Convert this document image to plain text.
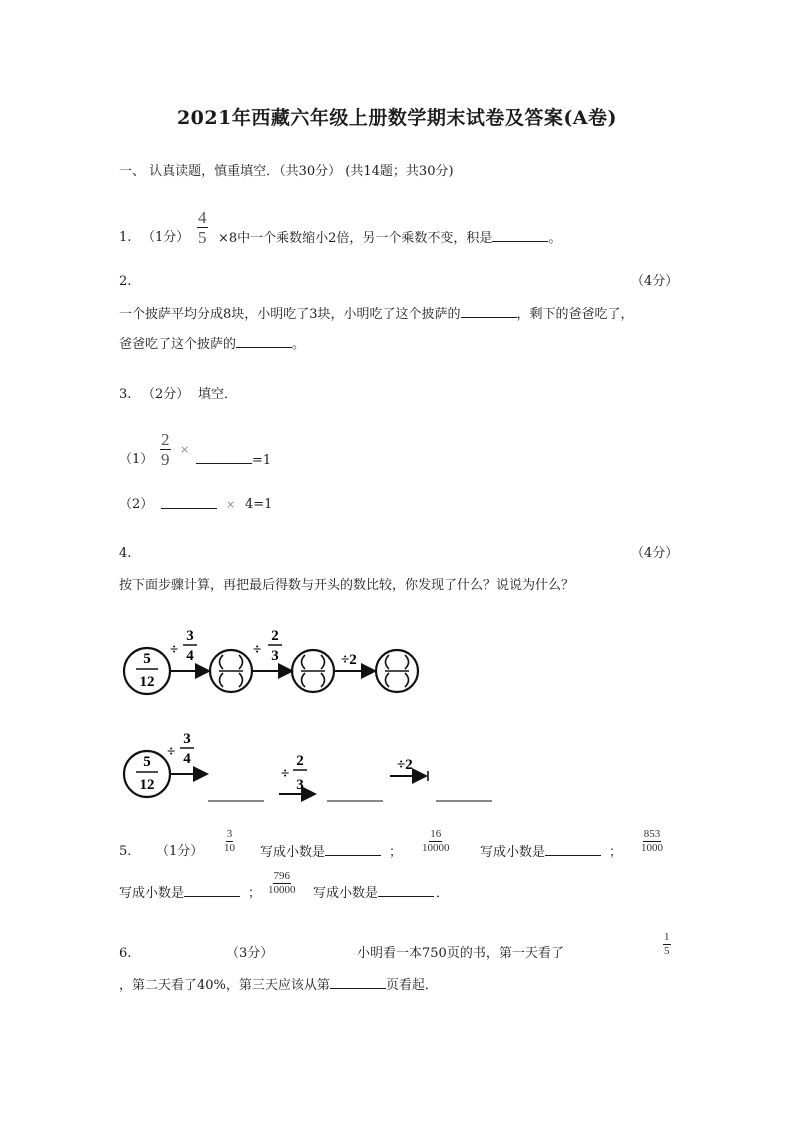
2021年西藏六年级上册数学期末试卷及答案(A卷)
一、 认真读题，慎重填空．（共30分） (共14题；共30分)
1. （1分） $\frac{4}{5} \times 8$中一个乘数缩小2倍，另一个乘数不变，积是	。
2.	（4分）
一个披萨平均分成8块，小明吃了3块，小明吃了这个披萨的	，剩下的爸爸吃了，
爸爸吃了这个披萨的	。
3. （2分） 填空．
$(1) \frac{2}{9}$ ×
=1
（2）	× 4=1
4.	（4分）
按下面步骤计算，再把最后得数与开头的数比较，你发现了什么？说说为什么？
5
12
÷
3
4	÷
2
3	÷2
5
12
÷
3
4
÷
2
3
÷2
5. （1分） $\frac{3}{10}$ 写成小数是	； $\frac{16}{10000}$ 写成小数是	； $\frac{853}{1000}$
写成小数是	； $\frac{796}{10000}$ 写成小数是	．
6.	（3分）	小明看一本750页的书，第一天看了	$\frac{1}{5}$
，第二天看了40%，第三天应该从第	页看起．
